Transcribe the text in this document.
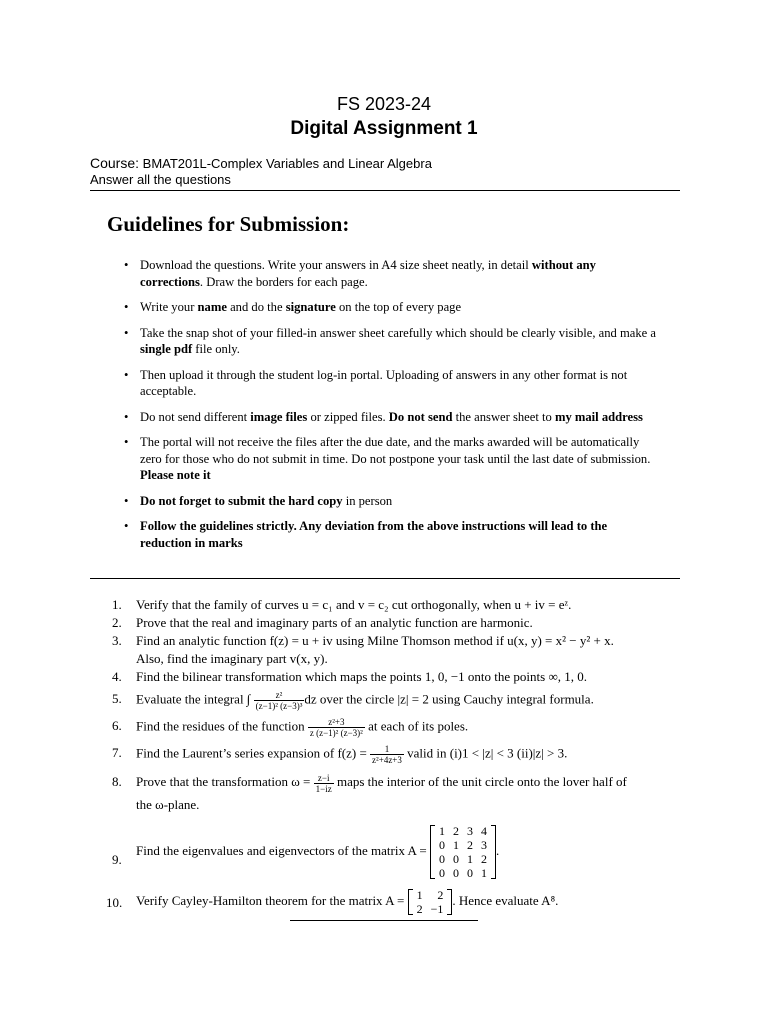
FS 2023-24
Digital Assignment 1
Course: BMAT201L-Complex Variables and Linear Algebra
Answer all the questions
Guidelines for Submission:
• Download the questions. Write your answers in A4 size sheet neatly, in detail without any corrections. Draw the borders for each page.
• Write your name and do the signature on the top of every page
• Take the snap shot of your filled-in answer sheet carefully which should be clearly visible, and make a single pdf file only.
• Then upload it through the student log-in portal. Uploading of answers in any other format is not acceptable.
• Do not send different image files or zipped files. Do not send the answer sheet to my mail address
• The portal will not receive the files after the due date, and the marks awarded will be automatically zero for those who do not submit in time. Do not postpone your task until the last date of submission. Please note it
• Do not forget to submit the hard copy in person
• Follow the guidelines strictly. Any deviation from the above instructions will lead to the reduction in marks
1. Verify that the family of curves u = c₁ and v = c₂ cut orthogonally, when u + iv = eᶻ.
2. Prove that the real and imaginary parts of an analytic function are harmonic.
3. Find an analytic function f(z) = u + iv using Milne Thomson method if u(x, y) = x² − y² + x.
Also, find the imaginary part v(x, y).
4. Find the bilinear transformation which maps the points 1, 0, −1 onto the points ∞, 1, 0.
5. Evaluate the integral ∫ $\frac{\text{z²}}{\text{(z−1)² (z−3)³}}$ dz over the circle |z| = 2 using Cauchy integral formula.
6. Find the residues of the function $\frac{\text{z²+3}}{\text{z (z−1)² (z−3)²}}$ at each of its poles.
7. Find the Laurent’s series expansion of $f(z) = \frac{1}{\text{z²+4z+3}}$ valid in (i)1 < |z| < 3 (ii)|z| > 3.
8. Prove that the transformation $\omega = \frac{z-i}{1-iz}$ maps the interior of the unit circle onto the lover half of
the ω-plane.
9.
Find the eigenvalues and eigenvectors of the matrix A =
1	2	3	4
0	1	2	3
0	0	1	2
0	0	0	1
.
10. Verify Cayley-Hamilton theorem for the matrix A = 1	2
2	−1
. Hence evaluate A⁸.
